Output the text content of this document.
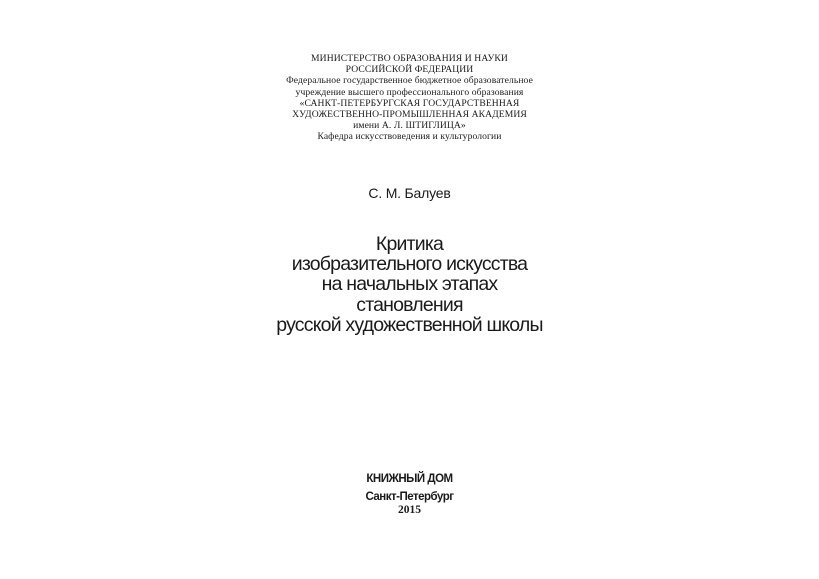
МИНИСТЕРСТВО ОБРАЗОВАНИЯ И НАУКИ
РОССИЙСКОЙ ФЕДЕРАЦИИ
Федеральное государственное бюджетное образовательное
учреждение высшего профессионального образования
«САНКТ-ПЕТЕРБУРГСКАЯ ГОСУДАРСТВЕННАЯ
ХУДОЖЕСТВЕННО-ПРОМЫШЛЕННАЯ АКАДЕМИЯ
имени А. Л. ШТИГЛИЦА»
Кафедра искусствоведения и культурологии
С. М. Балуев
Критика
изобразительного искусства
на начальных этапах
становления
русской художественной школы
КНИЖНЫЙ ДОМ
Санкт-Петербург
2015
